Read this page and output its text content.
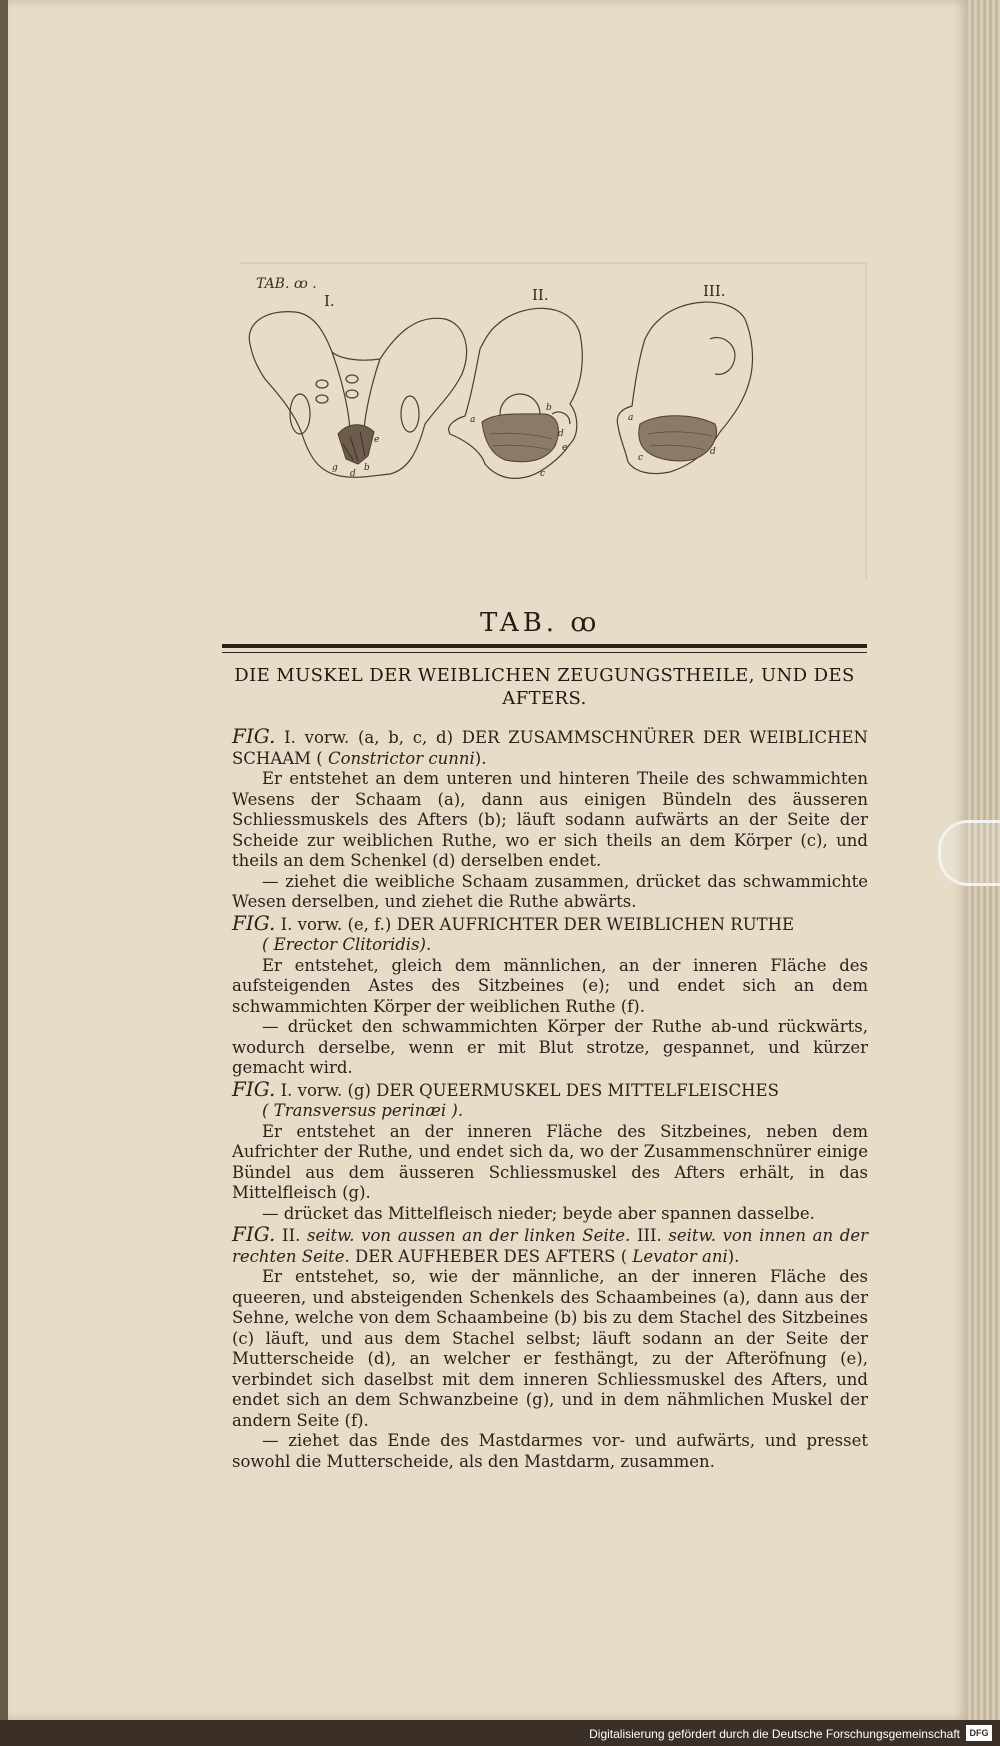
TAB. ꝏ .
I.	II.	III.
g
d
b
e
a
b
c
d
e
a
c
d
TAB. ꝏ
DIE MUSKEL DER WEIBLICHEN ZEUGUNGSTHEILE, UND DES AFTERS.

FIG. I. vorw. (a, b, c, d) DER ZUSAMMSCHNÜRER DER WEIBLICHEN SCHAAM ( Constrictor cunni).

Er entstehet an dem unteren und hinteren Theile des schwammichten Wesens der Schaam (a), dann aus einigen Bündeln des äusseren Schliessmuskels des Afters (b); läuft sodann aufwärts an der Seite der Scheide zur weiblichen Ruthe, wo er sich theils an dem Körper (c), und theils an dem Schenkel (d) derselben endet.

— ziehet die weibliche Schaam zusammen, drücket das schwammichte Wesen derselben, und ziehet die Ruthe abwärts.

FIG. I. vorw. (e, f.) DER AUFRICHTER DER WEIBLICHEN RUTHE

( Erector Clitoridis).

Er entstehet, gleich dem männlichen, an der inneren Fläche des aufsteigenden Astes des Sitzbeines (e); und endet sich an dem schwammichten Körper der weiblichen Ruthe (f).

— drücket den schwammichten Körper der Ruthe ab-und rückwärts, wodurch derselbe, wenn er mit Blut strotze, gespannet, und kürzer gemacht wird.

FIG. I. vorw. (g) DER QUEERMUSKEL DES MITTELFLEISCHES

( Transversus perinæi ).

Er entstehet an der inneren Fläche des Sitzbeines, neben dem Aufrichter der Ruthe, und endet sich da, wo der Zusammenschnürer einige Bündel aus dem äusseren Schliessmuskel des Afters erhält, in das Mittelfleisch (g).

— drücket das Mittelfleisch nieder; beyde aber spannen dasselbe.

FIG. II. seitw. von aussen an der linken Seite. III. seitw. von innen an der rechten Seite. DER AUFHEBER DES AFTERS ( Levator ani).

Er entstehet, so, wie der männliche, an der inneren Fläche des queeren, und absteigenden Schenkels des Schaambeines (a), dann aus der Sehne, welche von dem Schaambeine (b) bis zu dem Stachel des Sitzbeines (c) läuft, und aus dem Stachel selbst; läuft sodann an der Seite der Mutterscheide (d), an welcher er festhängt, zu der Afteröfnung (e), verbindet sich daselbst mit dem inneren Schliessmuskel des Afters, und endet sich an dem Schwanzbeine (g), und in dem nähmlichen Muskel der andern Seite (f).

— ziehet das Ende des Mastdarmes vor- und aufwärts, und presset sowohl die Mutterscheide, als den Mastdarm, zusammen.

Digitalisierung gefördert durch die Deutsche Forschungsgemeinschaft	DFG
